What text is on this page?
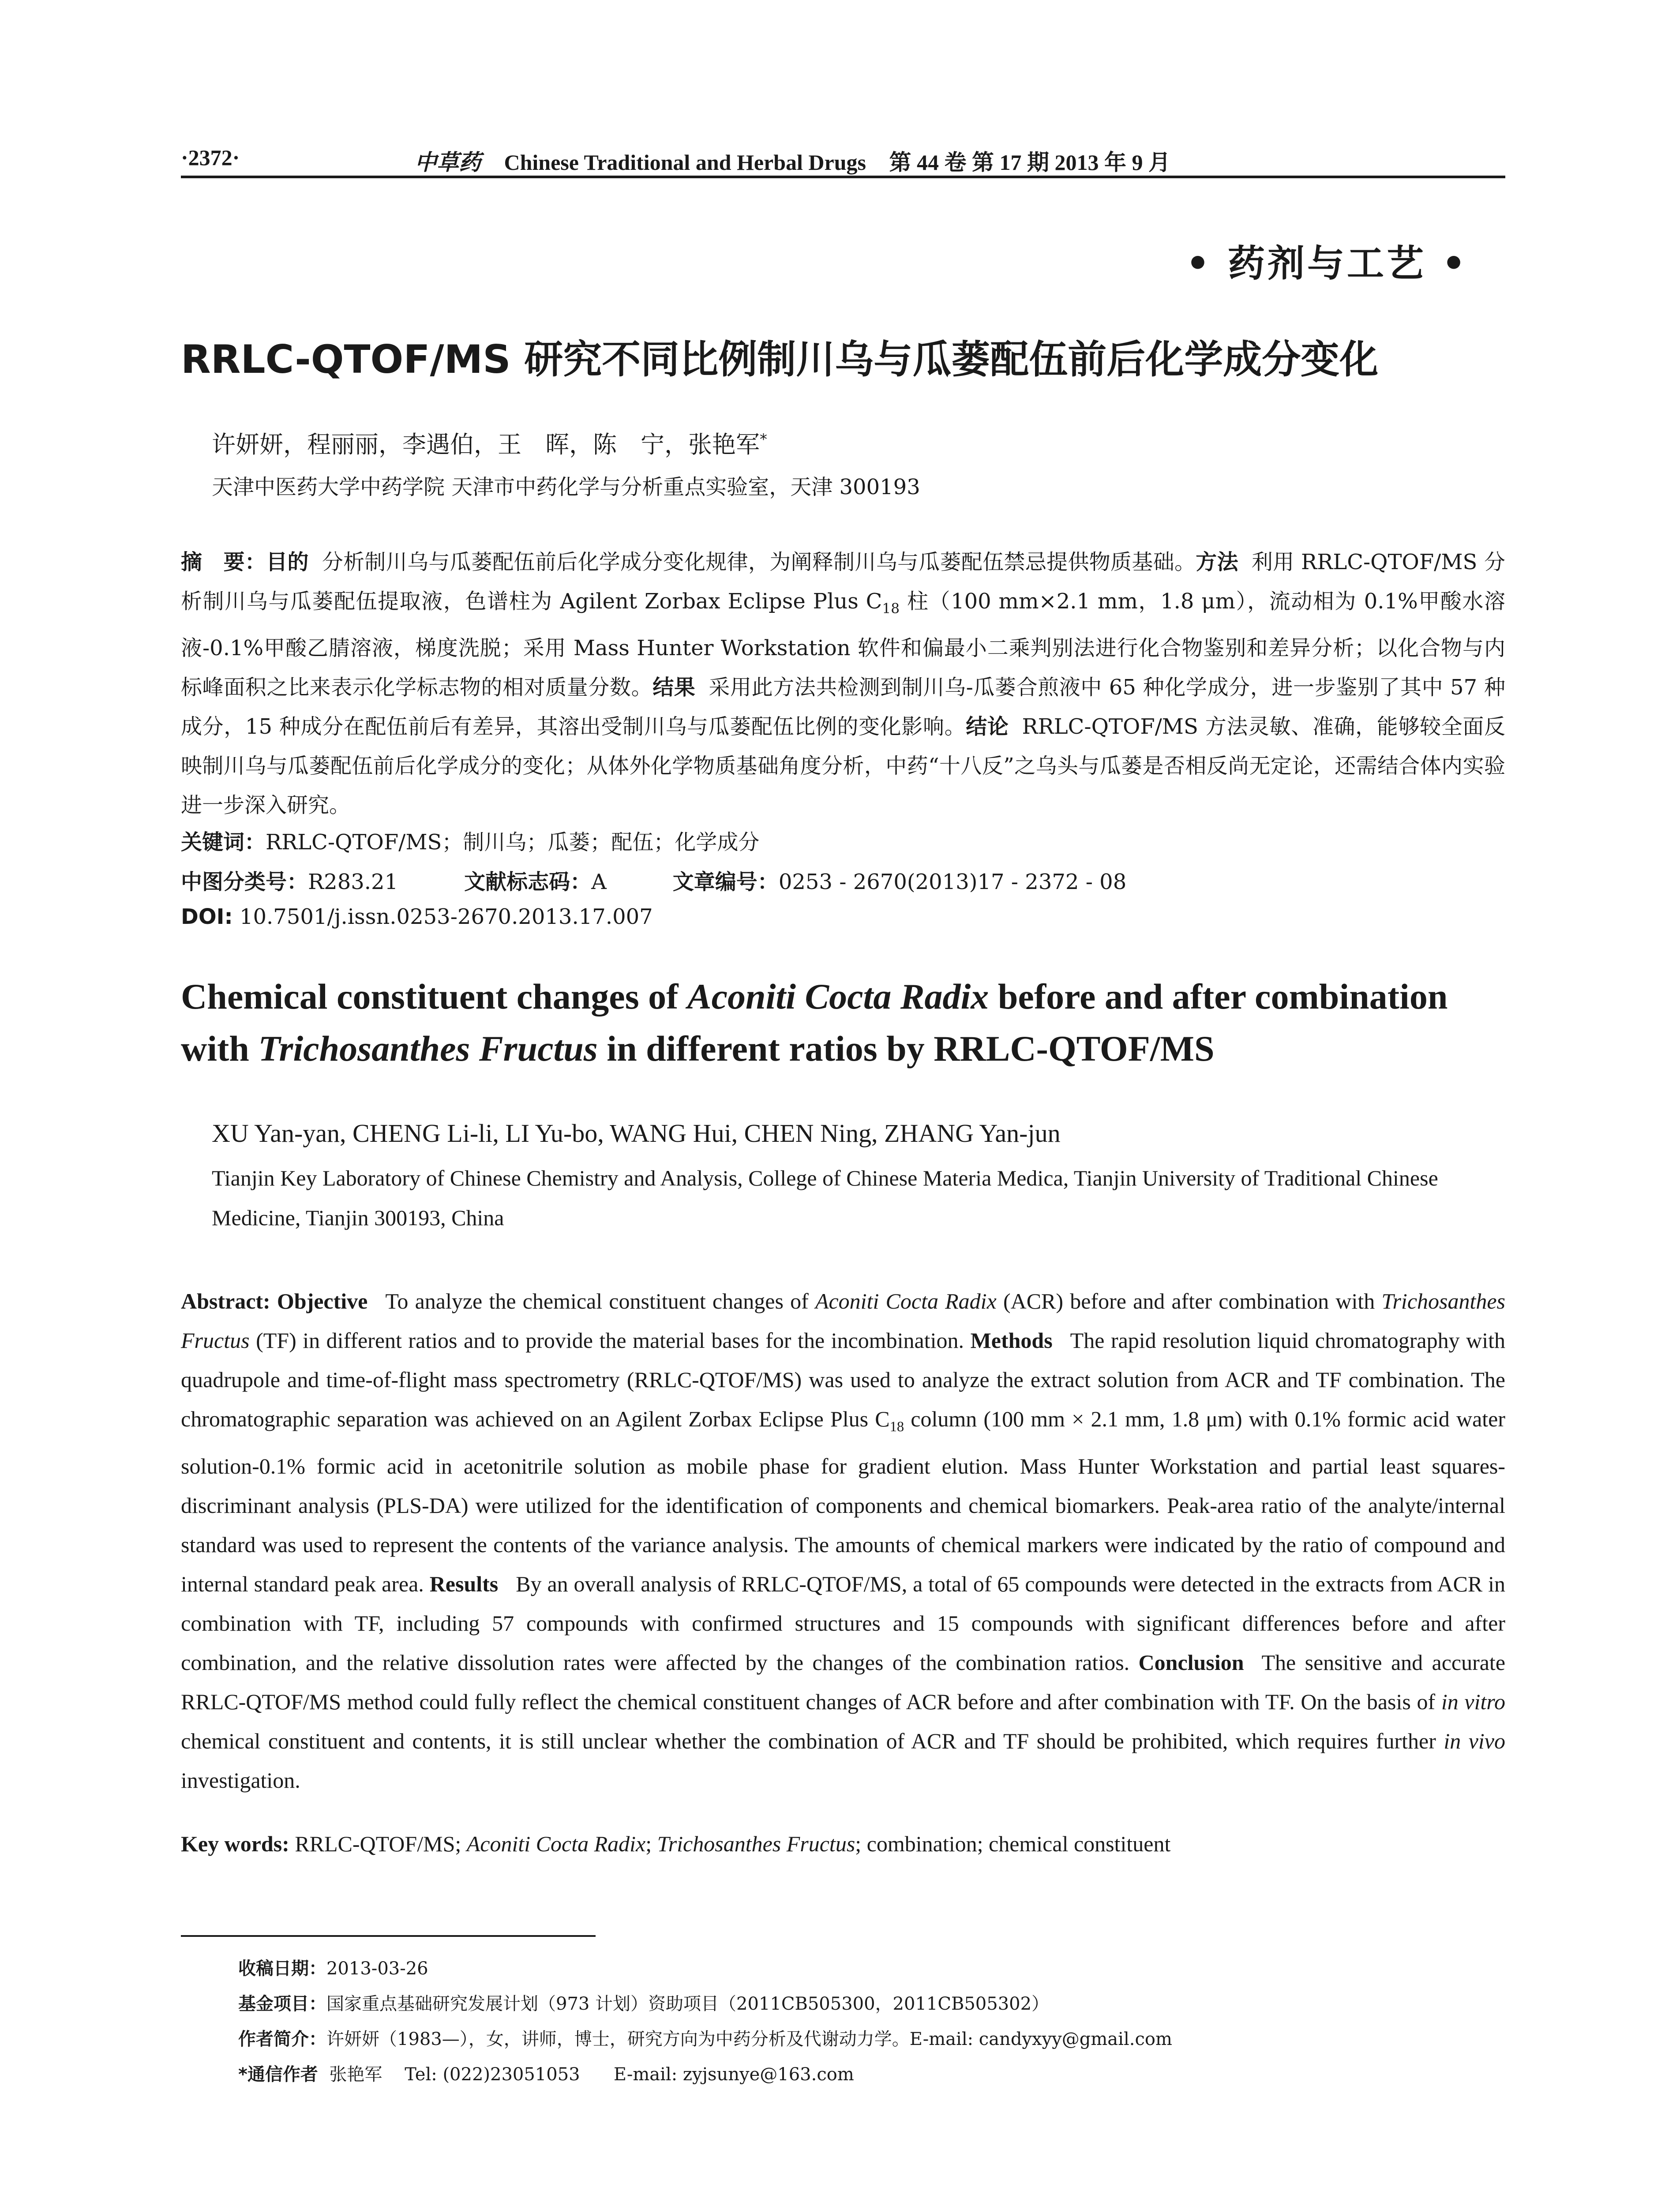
·2372·	中草药 Chinese Traditional and Herbal Drugs 第 44 卷 第 17 期 2013 年 9 月
• 药剂与工艺 •
RRLC-QTOF/MS 研究不同比例制川乌与瓜蒌配伍前后化学成分变化
许妍妍，程丽丽，李遇伯，王　晖，陈　宁，张艳军*
天津中医药大学中药学院 天津市中药化学与分析重点实验室，天津 300193
摘　要：目的 分析制川乌与瓜蒌配伍前后化学成分变化规律，为阐释制川乌与瓜蒌配伍禁忌提供物质基础。方法 利用 RRLC-QTOF/MS 分析制川乌与瓜蒌配伍提取液，色谱柱为 Agilent Zorbax Eclipse Plus $C_{18}$ 柱（100 mm×2.1 mm，1.8 μm），流动相为 0.1%甲酸水溶液-0.1%甲酸乙腈溶液，梯度洗脱；采用 Mass Hunter Workstation 软件和偏最小二乘判别法进行化合物鉴别和差异分析；以化合物与内标峰面积之比来表示化学标志物的相对质量分数。结果 采用此方法共检测到制川乌-瓜蒌合煎液中 65 种化学成分，进一步鉴别了其中 57 种成分，15 种成分在配伍前后有差异，其溶出受制川乌与瓜蒌配伍比例的变化影响。结论 RRLC-QTOF/MS 方法灵敏、准确，能够较全面反映制川乌与瓜蒌配伍前后化学成分的变化；从体外化学物质基础角度分析，中药“十八反”之乌头与瓜蒌是否相反尚无定论，还需结合体内实验进一步深入研究。
关键词：RRLC-QTOF/MS；制川乌；瓜蒌；配伍；化学成分
中图分类号：R283.21	文献标志码：A	文章编号：0253 - 2670(2013)17 - 2372 - 08
DOI: 10.7501/j.issn.0253-2670.2013.17.007
Chemical constituent changes of Aconiti Cocta Radix before and after combination with Trichosanthes Fructus in different ratios by RRLC-QTOF/MS
XU Yan-yan, CHENG Li-li, LI Yu-bo, WANG Hui, CHEN Ning, ZHANG Yan-jun
Tianjin Key Laboratory of Chinese Chemistry and Analysis, College of Chinese Materia Medica, Tianjin University of Traditional Chinese Medicine, Tianjin 300193, China
Abstract: Objective To analyze the chemical constituent changes of Aconiti Cocta Radix (ACR) before and after combination with Trichosanthes Fructus (TF) in different ratios and to provide the material bases for the incombination. Methods The rapid resolution liquid chromatography with quadrupole and time-of-flight mass spectrometry (RRLC-QTOF/MS) was used to analyze the extract solution from ACR and TF combination. The chromatographic separation was achieved on an Agilent Zorbax Eclipse Plus $C_{18}$ column (100 mm × 2.1 mm, 1.8 μm) with 0.1% formic acid water solution-0.1% formic acid in acetonitrile solution as mobile phase for gradient elution. Mass Hunter Workstation and partial least squares-discriminant analysis (PLS-DA) were utilized for the identification of components and chemical biomarkers. Peak-area ratio of the analyte/internal standard was used to represent the contents of the variance analysis. The amounts of chemical markers were indicated by the ratio of compound and internal standard peak area. Results By an overall analysis of RRLC-QTOF/MS, a total of 65 compounds were detected in the extracts from ACR in combination with TF, including 57 compounds with confirmed structures and 15 compounds with significant differences before and after combination, and the relative dissolution rates were affected by the changes of the combination ratios. Conclusion The sensitive and accurate RRLC-QTOF/MS method could fully reflect the chemical constituent changes of ACR before and after combination with TF. On the basis of in vitro chemical constituent and contents, it is still unclear whether the combination of ACR and TF should be prohibited, which requires further in vivo investigation.
Key words: RRLC-QTOF/MS; Aconiti Cocta Radix; Trichosanthes Fructus; combination; chemical constituent
收稿日期：2013-03-26
基金项目：国家重点基础研究发展计划（973 计划）资助项目（2011CB505300，2011CB505302）
作者简介：许妍妍（1983—），女，讲师，博士，研究方向为中药分析及代谢动力学。E-mail: candyxyy@gmail.com
*通信作者  张艳军    Tel: (022)23051053      E-mail: zyjsunye@163.com
